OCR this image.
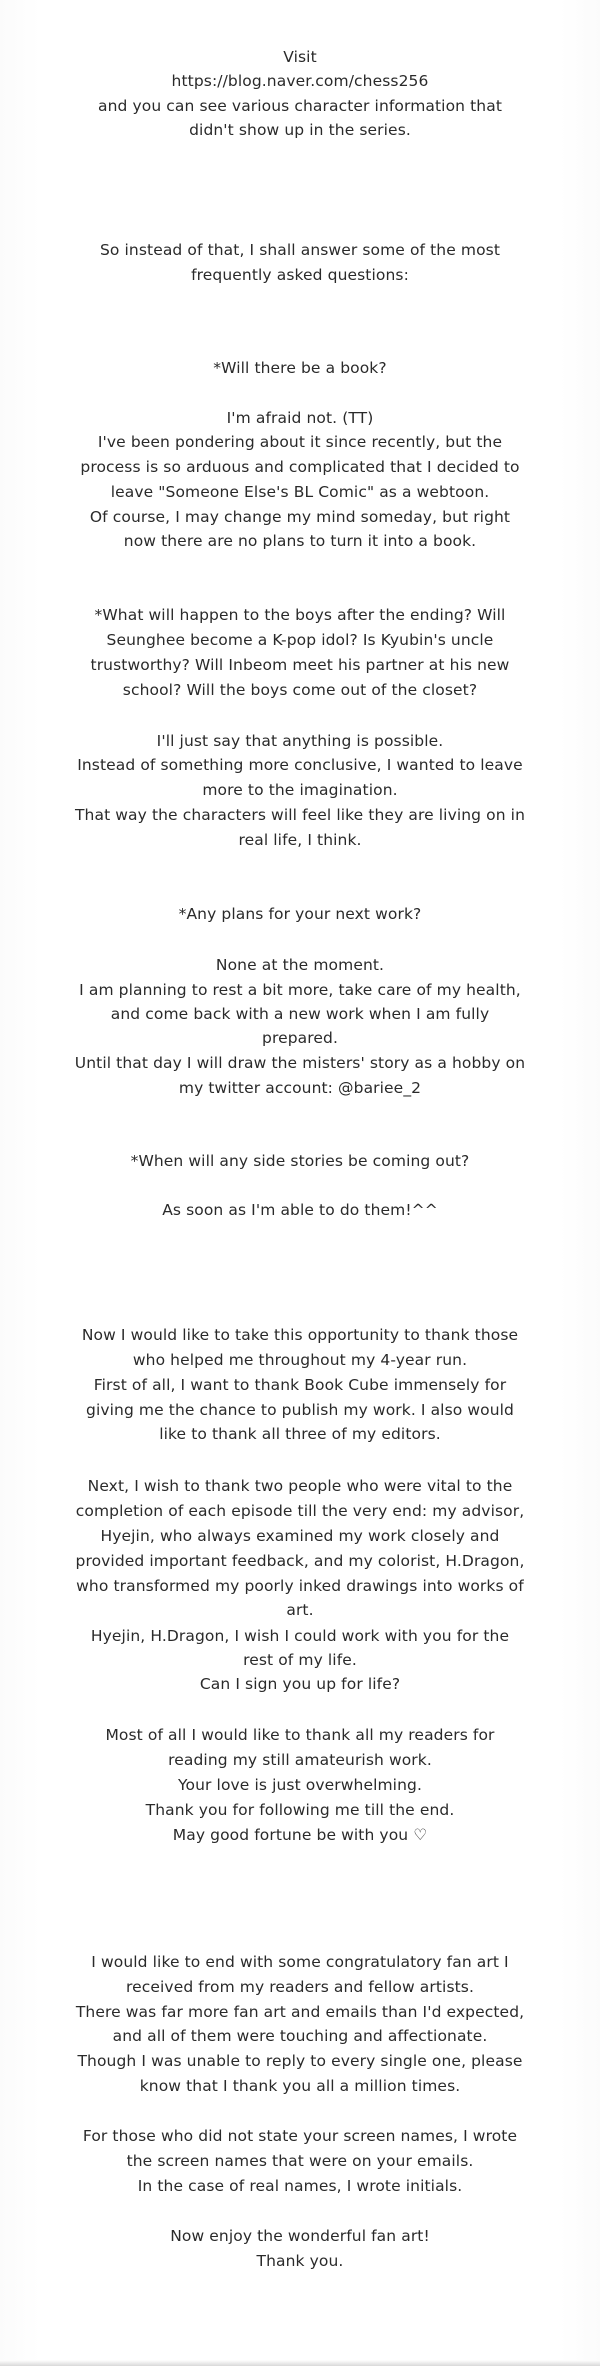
Visit
https://blog.naver.com/chess256
and you can see various character information that
didn't show up in the series.
So instead of that, I shall answer some of the most
frequently asked questions:
*Will there be a book?
I'm afraid not. (TT)
I've been pondering about it since recently, but the
process is so arduous and complicated that I decided to
leave "Someone Else's BL Comic" as a webtoon.
Of course, I may change my mind someday, but right
now there are no plans to turn it into a book.
*What will happen to the boys after the ending? Will
Seunghee become a K-pop idol? Is Kyubin's uncle
trustworthy? Will Inbeom meet his partner at his new
school? Will the boys come out of the closet?
I'll just say that anything is possible.
Instead of something more conclusive, I wanted to leave
more to the imagination.
That way the characters will feel like they are living on in
real life, I think.
*Any plans for your next work?
None at the moment.
I am planning to rest a bit more, take care of my health,
and come back with a new work when I am fully
prepared.
Until that day I will draw the misters' story as a hobby on
my twitter account: @bariee_2
*When will any side stories be coming out?
As soon as I'm able to do them!^^
Now I would like to take this opportunity to thank those
who helped me throughout my 4-year run.
First of all, I want to thank Book Cube immensely for
giving me the chance to publish my work. I also would
like to thank all three of my editors.
Next, I wish to thank two people who were vital to the
completion of each episode till the very end: my advisor,
Hyejin, who always examined my work closely and
provided important feedback, and my colorist, H.Dragon,
who transformed my poorly inked drawings into works of
art.
Hyejin, H.Dragon, I wish I could work with you for the
rest of my life.
Can I sign you up for life?
Most of all I would like to thank all my readers for
reading my still amateurish work.
Your love is just overwhelming.
Thank you for following me till the end.
May good fortune be with you ♡
I would like to end with some congratulatory fan art I
received from my readers and fellow artists.
There was far more fan art and emails than I'd expected,
and all of them were touching and affectionate.
Though I was unable to reply to every single one, please
know that I thank you all a million times.
For those who did not state your screen names, I wrote
the screen names that were on your emails.
In the case of real names, I wrote initials.
Now enjoy the wonderful fan art!
Thank you.
